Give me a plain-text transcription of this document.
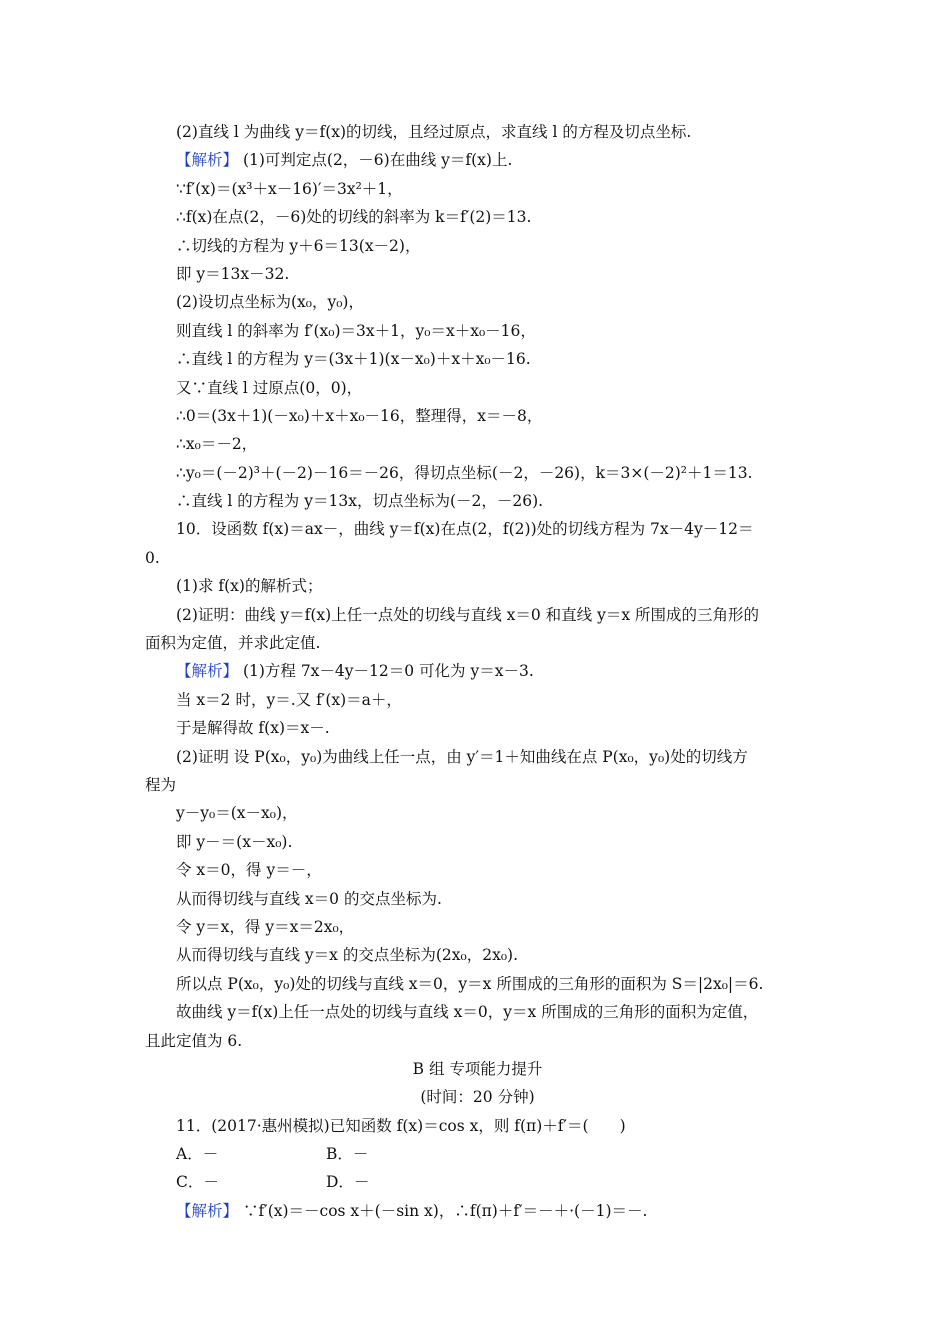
(2)直线 l 为曲线 y＝f(x)的切线，且经过原点，求直线 l 的方程及切点坐标.
【解析】 (1)可判定点(2，－6)在曲线 y＝f(x)上.
∵f′(x)＝(x³＋x－16)′＝3x²＋1，
∴f(x)在点(2，－6)处的切线的斜率为 k＝f′(2)＝13.
∴切线的方程为 y＋6＝13(x－2)，
即 y＝13x－32.
(2)设切点坐标为(x₀，y₀)，
则直线 l 的斜率为 f′(x₀)＝3x＋1，y₀＝x＋x₀－16，
∴直线 l 的方程为 y＝(3x＋1)(x－x₀)＋x＋x₀－16.
又∵直线 l 过原点(0，0)，
∴0＝(3x＋1)(－x₀)＋x＋x₀－16，整理得，x＝－8，
∴x₀＝－2，
∴y₀＝(－2)³＋(－2)－16＝－26，得切点坐标(－2，－26)，k＝3×(－2)²＋1＝13.
∴直线 l 的方程为 y＝13x，切点坐标为(－2，－26).
10．设函数 f(x)＝ax－，曲线 y＝f(x)在点(2，f(2))处的切线方程为 7x－4y－12＝
0.
(1)求 f(x)的解析式；
(2)证明：曲线 y＝f(x)上任一点处的切线与直线 x＝0 和直线 y＝x 所围成的三角形的
面积为定值，并求此定值.
【解析】 (1)方程 7x－4y－12＝0 可化为 y＝x－3.
当 x＝2 时，y＝.又 f′(x)＝a＋，
于是解得故 f(x)＝x－.
(2)证明 设 P(x₀，y₀)为曲线上任一点，由 y′＝1＋知曲线在点 P(x₀，y₀)处的切线方
程为
y－y₀＝(x－x₀)，
即 y－＝(x－x₀).
令 x＝0，得 y＝－，
从而得切线与直线 x＝0 的交点坐标为.
令 y＝x，得 y＝x＝2x₀，
从而得切线与直线 y＝x 的交点坐标为(2x₀，2x₀).
所以点 P(x₀，y₀)处的切线与直线 x＝0，y＝x 所围成的三角形的面积为 S＝|2x₀|＝6.
故曲线 y＝f(x)上任一点处的切线与直线 x＝0，y＝x 所围成的三角形的面积为定值，
且此定值为 6.
B 组 专项能力提升
(时间：20 分钟)
11．(2017·惠州模拟)已知函数 f(x)＝cos x，则 f(π)＋f′＝(　　)
A．－	B．－
C．－	D．－
【解析】 ∵f′(x)＝－cos x＋(－sin x)，∴f(π)＋f′＝－＋·(－1)＝－.
